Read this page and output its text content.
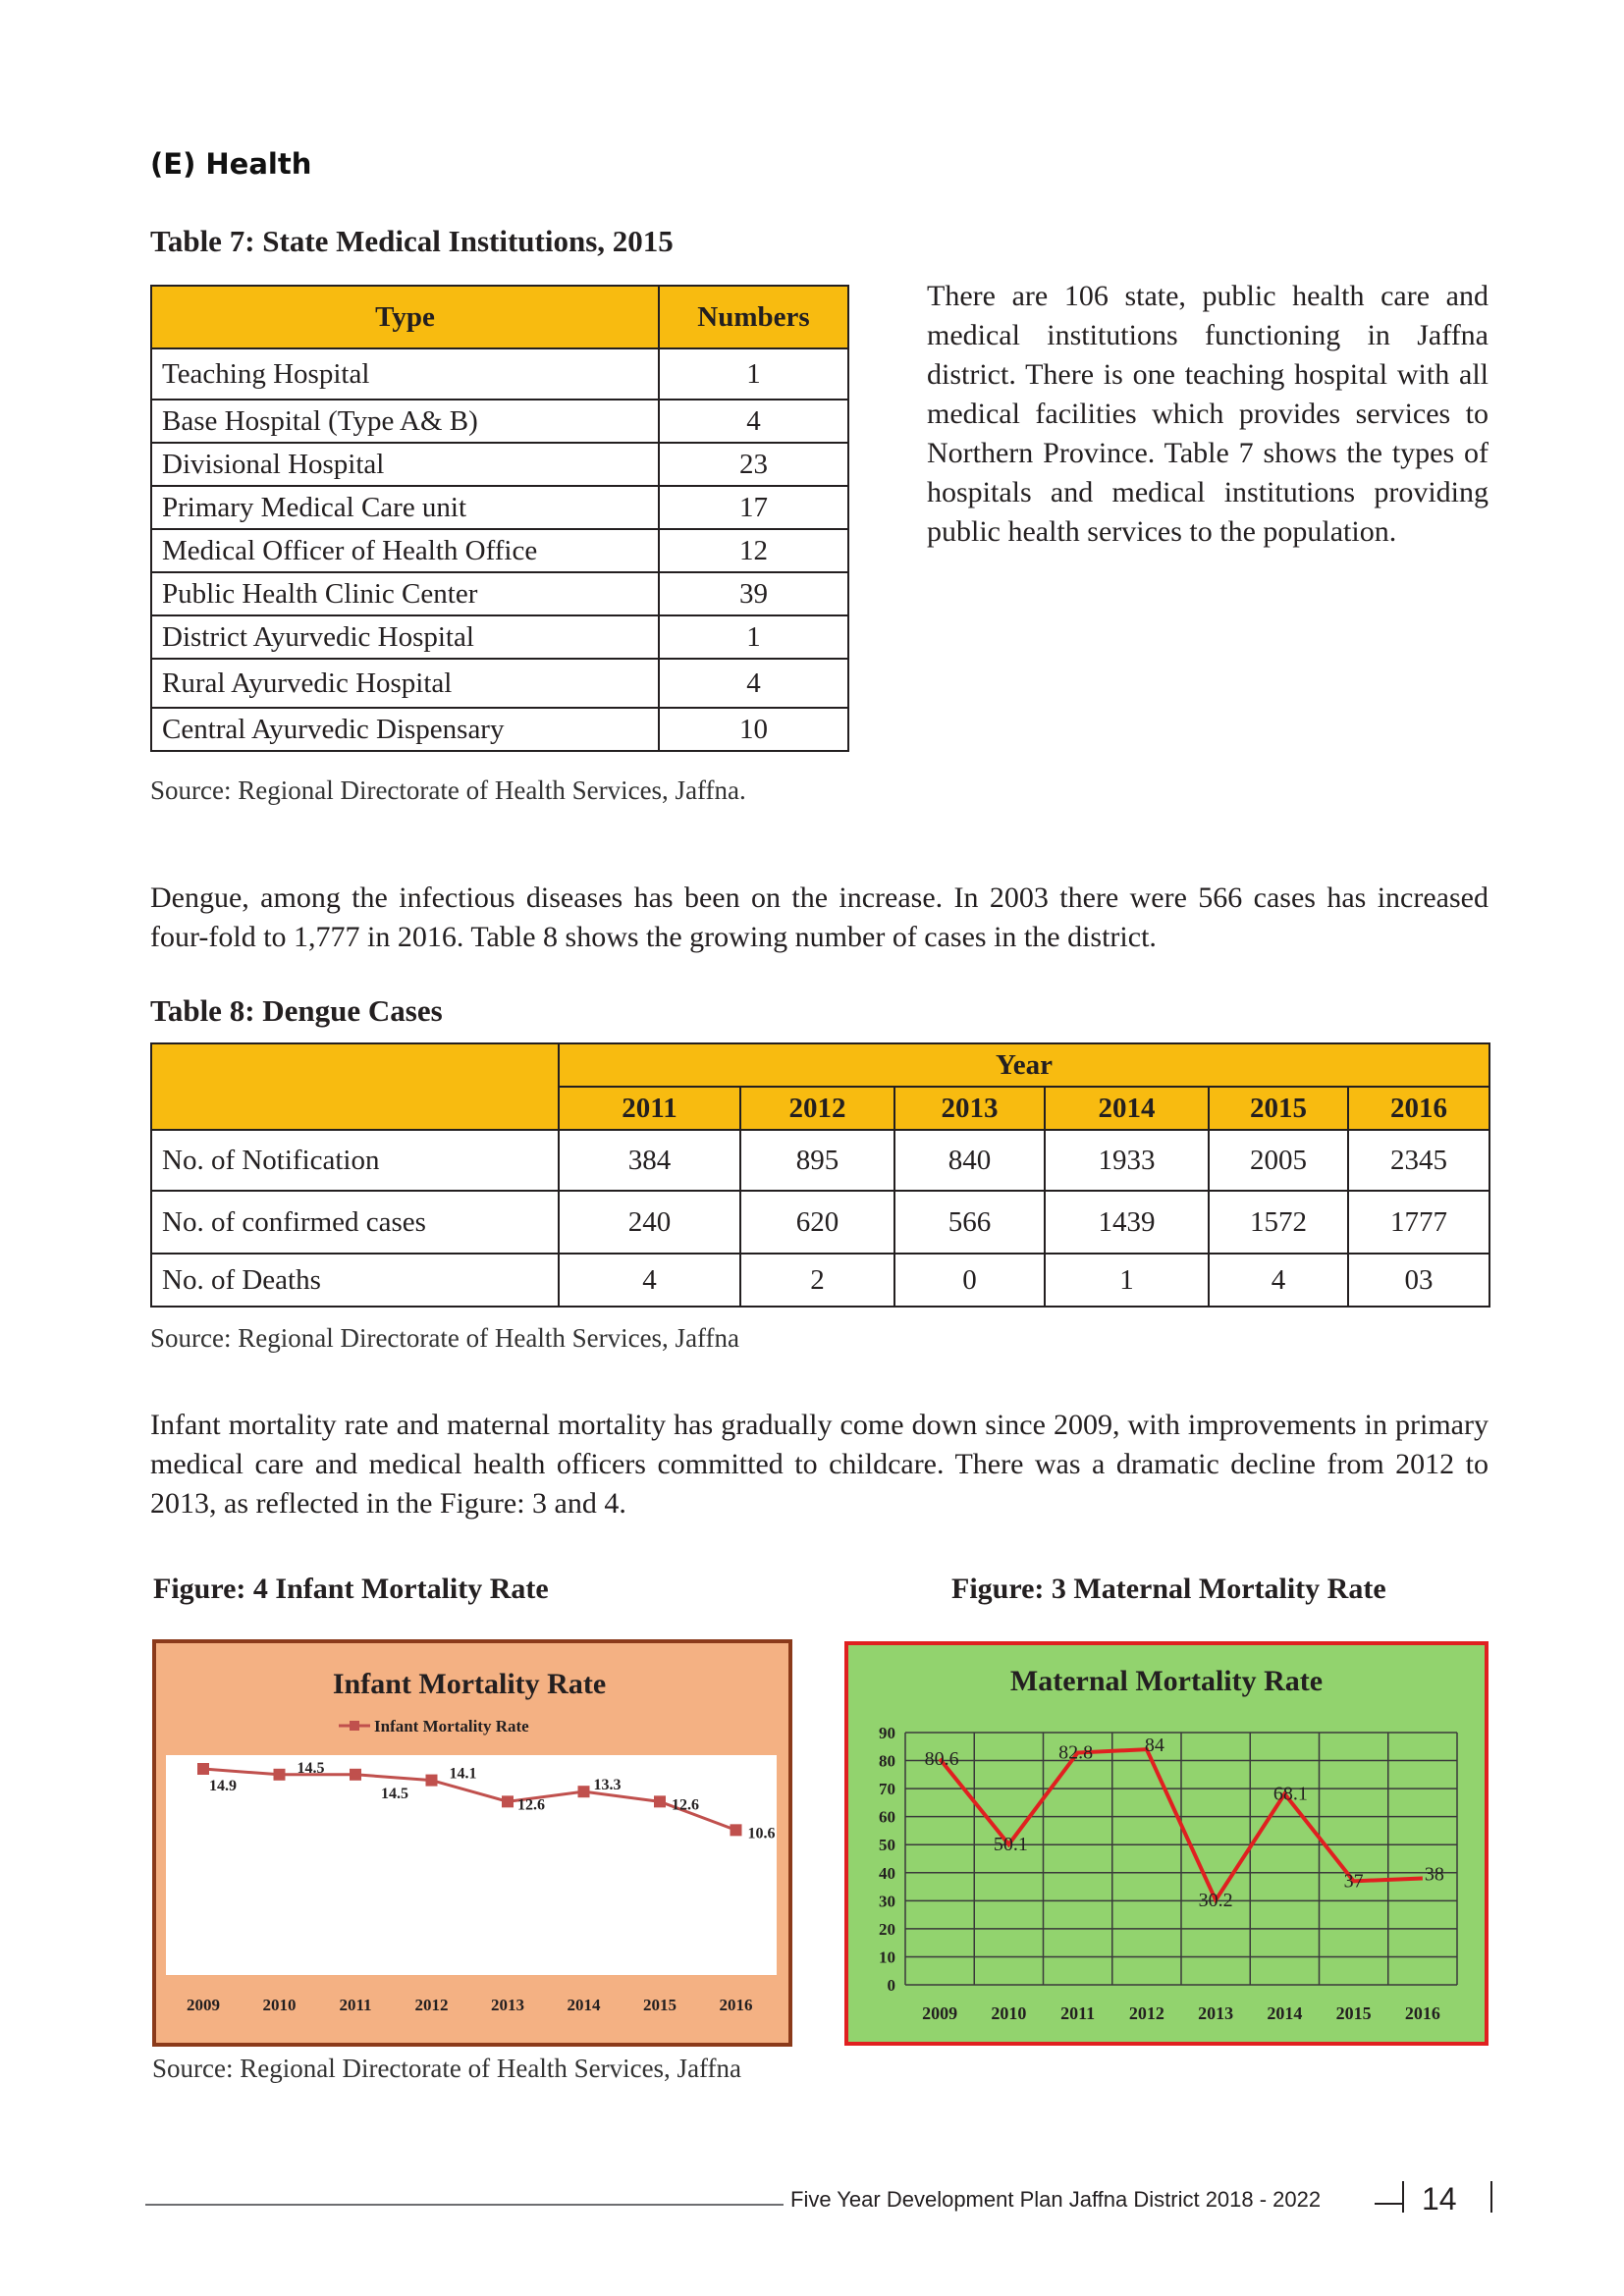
(E) Health
Table 7: State Medical Institutions, 2015
Type	Numbers
Teaching Hospital	1
Base Hospital (Type A& B)	4
Divisional Hospital	23
Primary Medical Care unit	17
Medical Officer of Health Office	12
Public Health Clinic Center	39
District Ayurvedic Hospital	1
Rural Ayurvedic Hospital	4
Central Ayurvedic Dispensary	10
Source: Regional Directorate of Health Services, Jaffna.
There are 106 state, public health care and medical institutions functioning in Jaffna district. There is one teaching hospital with all medical facilities which provides services to Northern Province. Table 7 shows the types of hospitals and medical institutions providing public health services to the population.
Dengue, among the infectious diseases has been on the increase. In 2003 there were 566 cases has increased four-fold to 1,777 in 2016. Table 8 shows the growing number of cases in the district.
Table 8: Dengue Cases
	Year					
	2011	2012	2013	2014	2015	2016
No. of Notification	384	895	840	1933	2005	2345
No. of confirmed cases	240	620	566	1439	1572	1777
No. of Deaths	4	2	0	1	4	03
Source: Regional Directorate of Health Services, Jaffna
Infant mortality rate and maternal mortality has gradually come down since 2009, with improvements in primary medical care and medical health officers committed to childcare. There was a dramatic decline from 2012 to 2013, as reflected in the Figure: 3 and 4.
Figure: 4 Infant Mortality Rate	Figure: 3 Maternal Mortality Rate
Infant Mortality Rate
Infant Mortality Rate
14.9
14.5
14.5
14.1
12.6
13.3
12.6
10.6
2009	2010	2011	2012	2013	2014	2015	2016
Maternal Mortality Rate
0
10
20
30
40
50
60
70
80
90
80.6
50.1
82.8	84
30.2
68.1
37	38
2009 2010 2011 2012 2013 2014 2015 2016
Source: Regional Directorate of Health Services, Jaffna
Five Year Development Plan Jaffna District 2018 - 2022	14
